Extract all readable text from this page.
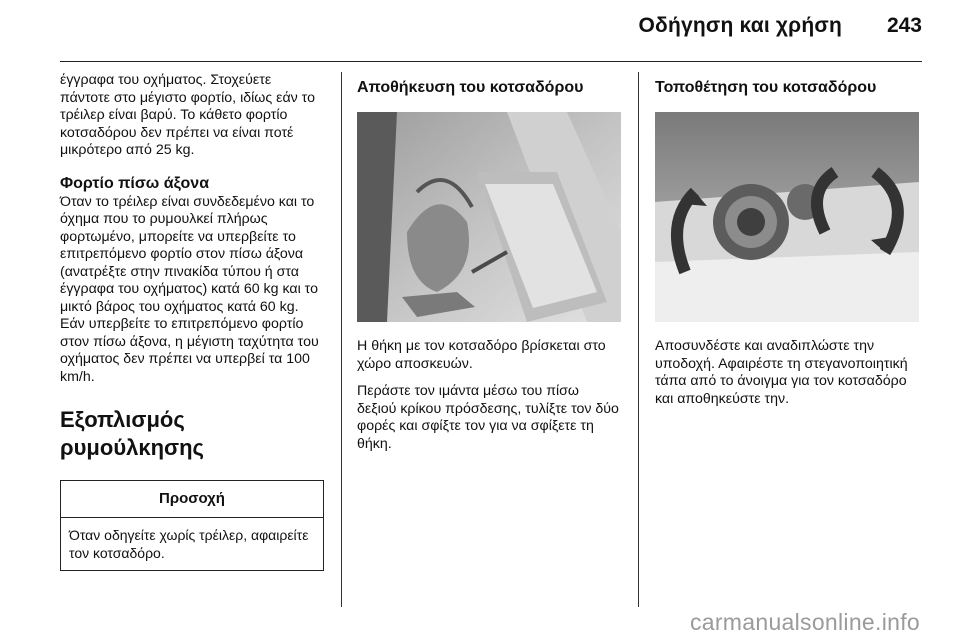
Οδήγηση και χρήση 243

έγγραφα του οχήματος. Στοχεύετε πάντοτε στο μέγιστο φορτίο, ιδίως εάν το τρέιλερ είναι βαρύ. Το κάθετο φορτίο κοτσαδόρου δεν πρέπει να είναι ποτέ μικρότερο από 25 kg.

Φορτίο πίσω άξονα

Όταν το τρέιλερ είναι συνδεδεμένο και το όχημα που το ρυμουλκεί πλήρως φορτωμένο, μπορείτε να υπερβείτε το επιτρεπόμενο φορτίο στον πίσω άξονα (ανατρέξτε στην πινακίδα τύπου ή στα έγγραφα του οχήματος) κατά 60 kg και το μικτό βάρος του οχήματος κατά 60 kg. Εάν υπερβείτε το επιτρεπόμενο φορτίο στον πίσω άξονα, η μέγιστη ταχύτητα του οχήματος δεν πρέπει να υπερβεί τα 100 km/h.

Εξοπλισμός ρυμούλκησης
Προσοχή
Όταν οδηγείτε χωρίς τρέιλερ, αφαιρείτε τον κοτσαδόρο.
Αποθήκευση του κοτσαδόρου

Η θήκη με τον κοτσαδόρο βρίσκεται στο χώρο αποσκευών.

Περάστε τον ιμάντα μέσω του πίσω δεξιού κρίκου πρόσδεσης, τυλίξτε τον δύο φορές και σφίξτε τον για να σφίξετε τη θήκη.

Τοποθέτηση του κοτσαδόρου

Αποσυνδέστε και αναδιπλώστε την υποδοχή. Αφαιρέστε τη στεγανοποιητική τάπα από το άνοιγμα για τον κοτσαδόρο και αποθηκεύστε την.

carmanualsonline.info
